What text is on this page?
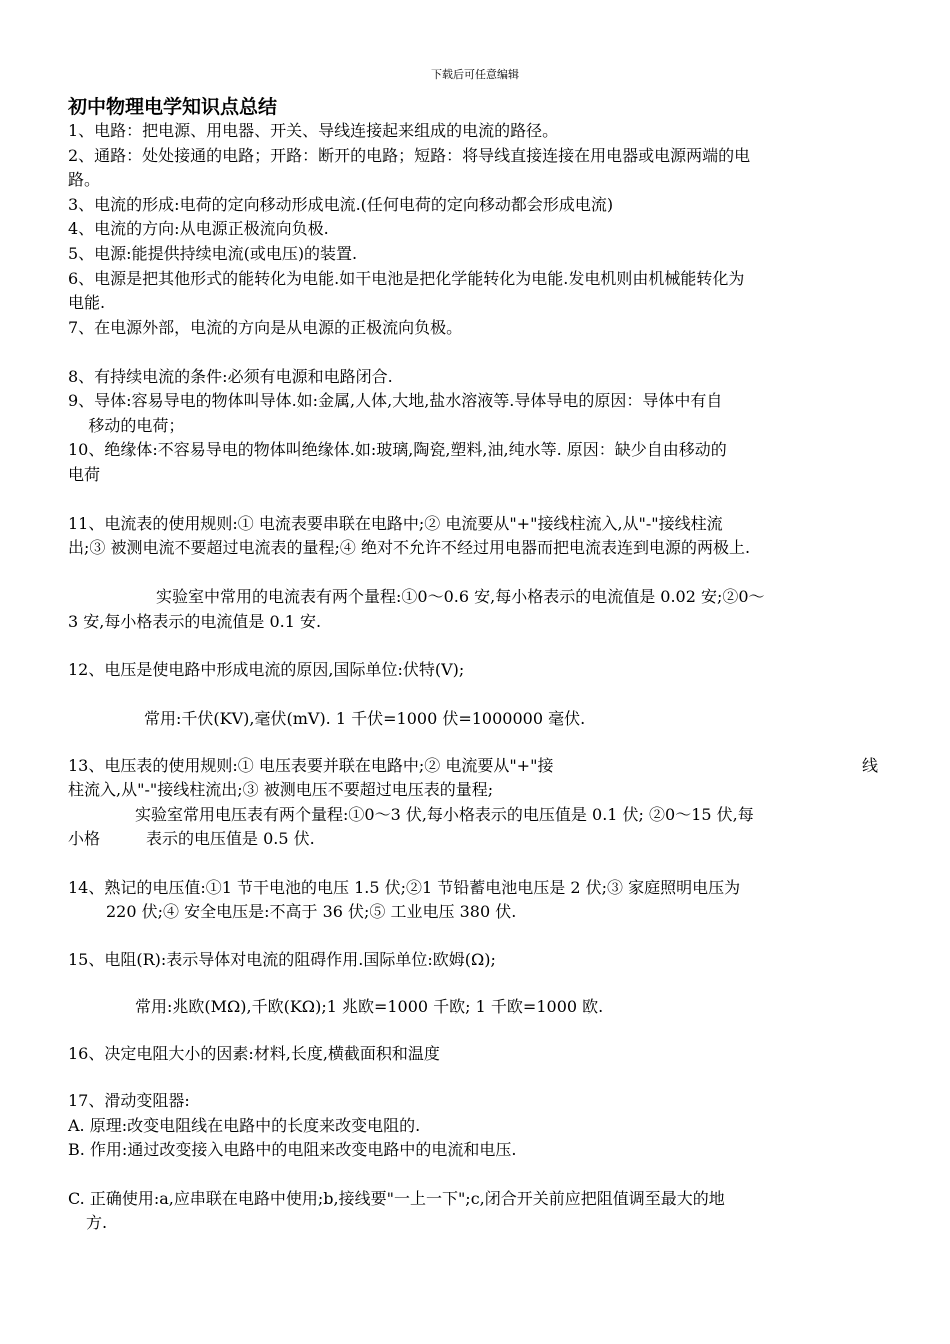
下载后可任意编辑
初中物理电学知识点总结
1、电路：把电源、用电器、开关、导线连接起来组成的电流的路径。
2、通路：处处接通的电路；开路：断开的电路；短路：将导线直接连接在用电器或电源两端的电
路。
3、电流的形成:电荷的定向移动形成电流.(任何电荷的定向移动都会形成电流)
4、电流的方向:从电源正极流向负极.
5、电源:能提供持续电流(或电压)的装置.
6、电源是把其他形式的能转化为电能.如干电池是把化学能转化为电能.发电机则由机械能转化为
电能.
7、在电源外部，电流的方向是从电源的正极流向负极。
8、有持续电流的条件:必须有电源和电路闭合.
9、导体:容易导电的物体叫导体.如:金属,人体,大地,盐水溶液等.导体导电的原因：导体中有自
移动的电荷；
10、绝缘体:不容易导电的物体叫绝缘体.如:玻璃,陶瓷,塑料,油,纯水等. 原因：缺少自由移动的
电荷
11、电流表的使用规则:① 电流表要串联在电路中;② 电流要从"+"接线柱流入,从"-"接线柱流
出;③ 被测电流不要超过电流表的量程;④ 绝对不允许不经过用电器而把电流表连到电源的两极上.
实验室中常用的电流表有两个量程:①0～0.6 安,每小格表示的电流值是 0.02 安;②0～
3 安,每小格表示的电流值是 0.1 安.
12、电压是使电路中形成电流的原因,国际单位:伏特(V);
常用:千伏(KV),毫伏(mV). 1 千伏=1000 伏=1000000 毫伏.
13、电压表的使用规则:① 电压表要并联在电路中;② 电流要从"+"接	线
柱流入,从"-"接线柱流出;③ 被测电压不要超过电压表的量程;
实验室常用电压表有两个量程:①0～3 伏,每小格表示的电压值是 0.1 伏; ②0～15 伏,每
小格	表示的电压值是 0.5 伏.
14、熟记的电压值:①1 节干电池的电压 1.5 伏;②1 节铅蓄电池电压是 2 伏;③ 家庭照明电压为
220 伏;④ 安全电压是:不高于 36 伏;⑤ 工业电压 380 伏.
15、电阻(R):表示导体对电流的阻碍作用.国际单位:欧姆(Ω);
常用:兆欧(MΩ),千欧(KΩ);1 兆欧=1000 千欧; 1 千欧=1000 欧.
16、决定电阻大小的因素:材料,长度,横截面积和温度
17、滑动变阻器:
A. 原理:改变电阻线在电路中的长度来改变电阻的.
B. 作用:通过改变接入电路中的电阻来改变电路中的电流和电压.
C. 正确使用:a,应串联在电路中使用;b,接线要"一上一下";c,闭合开关前应把阻值调至最大的地
方.
